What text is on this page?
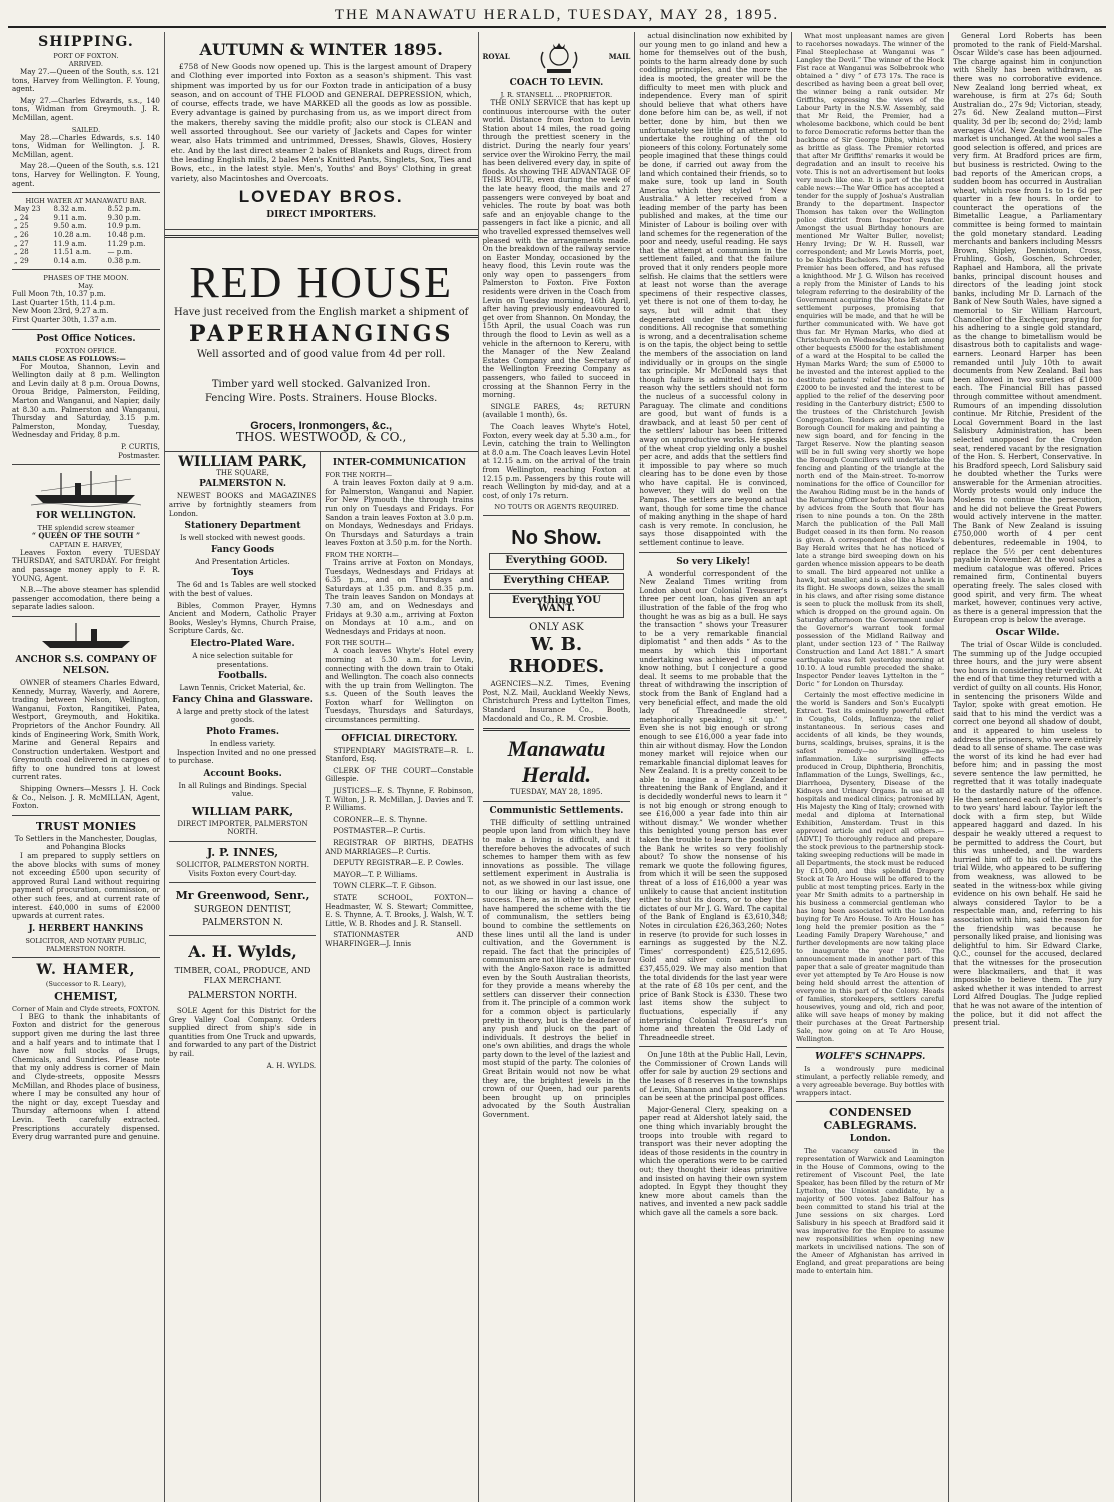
THE MANAWATU HERALD, TUESDAY, MAY 28, 1895.
SHIPPING.
PORT OF FOXTON.
ARRIVED.

May 27.—Queen of the South, s.s. 121 tons, Harvey from Wellington. F. Young, agent.

May 27.—Charles Edwards, s.s., 140 tons, Widman from Greymouth. J. R. McMillan, agent.

SAILED.

May 28.—Charles Edwards, s.s. 140 tons, Widman for Wellington. J. R. McMillan, agent.

May 28.—Queen of the South, s.s. 121 tons, Harvey for Wellington. F. Young, agent.

HIGH WATER AT MANAWATU BAR.
May 23	8.32 a.m.	8.52 p.m.
„ 24	9.11 a.m.	9.30 p.m.
„ 25	9.50 a.m.	10.9 p.m.
„ 26	10.28 a.m.	10.48 p.m.
„ 27	11.9 a.m.	11.29 p.m.
„ 28	11.51 a.m.	— p.m.
„ 29	0.14 a.m.	0.38 p.m.
PHASES OF THE MOON.
May.
Full Moon 7th, 10.37 p.m.
Last Quarter 15th, 11.4 p.m.
New Moon 23rd, 9.27 a.m.
First Quarter 30th, 1.37 a.m.
Post Office Notices.
FOXTON OFFICE.
MAILS CLOSE AS FOLLOWS:—

For Moutoa, Shannon, Levin and Wellington daily at 8 p.m. Wellington and Levin daily at 8 p.m. Oroua Downs, Oroua Bridge, Palmerston, Feilding, Marton and Wanganui, and Napier, daily at 8.30 a.m. Palmerston and Wanganui, Thursday and Saturday, 3.15 p.m. Palmerston, Monday, Tuesday, Wednesday and Friday, 8 p.m.

P. CURTIS,
Postmaster.
FOR WELLINGTON.
THE splendid screw steamer
“ QUEEN OF THE SOUTH ”
CAPTAIN E. HARVEY,

Leaves Foxton every TUESDAY THURSDAY, and SATURDAY. For freight and passage money apply to F. R. YOUNG, Agent.

N.B.—The above steamer has splendid passenger accomodation, there being a separate ladies saloon.

ANCHOR S.S. COMPANY OF NELSON.

OWNER of steamers Charles Edward, Kennedy, Murray, Waverly, and Aorere, trading between Nelson, Wellington, Wanganui, Foxton, Rangitikei, Patea, Westport, Greymouth, and Hokitika. Proprietors of the Anchor Foundry. All kinds of Engineering Work, Smith Work, Marine and General Repairs and Construction undertaken. Westport and Greymouth coal delivered in cargoes of fifty to one hundred tons at lowest current rates.

Shipping Owners—Messrs J. H. Cock & Co., Nelson. J. R. McMILLAN, Agent, Foxton.

TRUST MONIES
To Settlers in the Manchester, Douglas, and Pohangina Blocks

I am prepared to supply settlers on the above blocks with sums of money not exceeding £500 upon security of approved Rural Land without requiring payment of procuration, commission, or other such fees, and at current rate of interest. £40,000 in sums of £2000 upwards at current rates.

J. HERBERT HANKINS
SOLICITOR, AND NOTARY PUBLIC, PALMERSTON NORTH.
W. HAMER,
(Successor to R. Leary),
CHEMIST,
Corner of Main and Clyde streets, FOXTON.

I BEG to thank the inhabitants of Foxton and district for the generous support given me during the last three and a half years and to intimate that I have now full stocks of Drugs, Chemicals, and Sundries. Please note that my only address is corner of Main and Clyde-streets, opposite Messrs McMillan, and Rhodes place of business, where I may be consulted any hour of the night or day, except Tuesday and Thursday afternoons when I attend Levin. Teeth carefully extracted. Prescriptions accurately dispensed. Every drug warranted pure and genuine.

AUTUMN & WINTER 1895.

£758 of New Goods now opened up. This is the largest amount of Drapery and Clothing ever imported into Foxton as a season's shipment. This vast shipment was imported by us for our Foxton trade in anticipation of a busy season, and on account of THE FLOOD and GENERAL DEPRESSION, which, of course, effects trade, we have MARKED all the goods as low as possible. Every advantage is gained by purchasing from us, as we import direct from the makers, thereby saving the middle profit; also our stock is CLEAN and well assorted throughout. See our variety of Jackets and Capes for winter wear, also Hats trimmed and untrimmed, Dresses, Shawls, Gloves, Hosiery etc. And by the last direct steamer 2 bales of Blankets and Rugs, direct from the leading English mills, 2 bales Men's Knitted Pants, Singlets, Sox, Ties and Bows, etc., in the latest style. Men's, Youths' and Boys' Clothing in great variety, also Macintoshes and Overcoats.

LOVEDAY BROS.
DIRECT IMPORTERS.
RED HOUSE
Have just received from the English market a shipment of
PAPERHANGINGS
Well assorted and of good value from 4d per roll.
Timber yard well stocked. Galvanized Iron. Fencing Wire. Posts. Strainers. House Blocks.
Grocers, Ironmongers, &c.,
THOS. WESTWOOD, & CO.,
WILLIAM PARK,
THE SQUARE,
PALMERSTON N.

NEWEST BOOKS and MAGAZINES arrive by fortnightly steamers from London.

Stationery Department
Is well stocked with newest goods.
Fancy Goods
And Presentation Articles.
Toys

The 6d and 1s Tables are well stocked with the best of values.

Bibles, Common Prayer, Hymns Ancient and Modern, Catholic Prayer Books, Wesley's Hymns, Church Praise, Scripture Cards, &c.

Electro-Plated Ware.
A nice selection suitable for presentations.
Footballs.
Lawn Tennis, Cricket Material, &c.
Fancy China and Glassware.
A large and pretty stock of the latest goods.
Photo Frames.
In endless variety.

Inspection Invited and no one pressed to purchase.

Account Books.
In all Rulings and Bindings. Special value.
WILLIAM PARK,
DIRECT IMPORTER, PALMERSTON NORTH.
J. P. INNES,
SOLICITOR, PALMERSTON NORTH.
Visits Foxton every Court-day.
Mr Greenwood, Senr.,
SURGEON DENTIST,
PALMERSTON N.
A. H. Wylds,
TIMBER, COAL, PRODUCE, AND FLAX MERCHANT.
PALMERSTON NORTH.

SOLE Agent for this District for the Grey Valley Coal Company. Orders supplied direct from ship's side in quantities from One Truck and upwards, and forwarded to any part of the District by rail.

A. H. WYLDS.
INTER-COMMUNICATION
FOR THE NORTH—

A train leaves Foxton daily at 9 a.m. for Palmerston, Wanganui and Napier. For New Plymouth the through trains run only on Tuesdays and Fridays. For Sandon a train leaves Foxton at 3.0 p.m. on Mondays, Wednesdays and Fridays. On Thursdays and Saturdays a train leaves Foxton at 3.50 p.m. for the North.

FROM THE NORTH—

Trains arrive at Foxton on Mondays, Tuesdays, Wednesdays and Fridays at 6.35 p.m., and on Thursdays and Saturdays at 1.35 p.m. and 8.35 p.m. The train leaves Sandon on Mondays at 7.30 am, and on Wednesdays and Fridays at 9.30 a.m., arriving at Foxton on Mondays at 10 a.m., and on Wednesdays and Fridays at noon.

FOR THE SOUTH—

A coach leaves Whyte's Hotel every morning at 5.30 a.m. for Levin, connecting with the down train to Otaki and Wellington. The coach also connects with the up train from Wellington. The s.s. Queen of the South leaves the Foxton wharf for Wellington on Tuesdays, Thursdays and Saturdays, circumstances permitting.

OFFICIAL DIRECTORY.

STIPENDIARY MAGISTRATE—R. L. Stanford, Esq.

CLERK OF THE COURT—Constable Gillespie.

JUSTICES—E. S. Thynne, F. Robinson, T. Wilton, J. R. McMillan, J. Davies and T. P. Williams.

CORONER—E. S. Thynne.

POSTMASTER—P. Curtis.

REGISTRAR OF BIRTHS, DEATHS AND MARRIAGES—P. Curtis.

DEPUTY REGISTRAR—E. P. Cowles.

MAYOR—T. P. Williams.

TOWN CLERK—T. F. Gibson.

STATE SCHOOL, FOXTON—Headmaster, W. S. Stewart; Committee, E. S. Thynne, A. T. Brooks, J. Walsh, W. T. Little, W. B. Rhodes and J. R. Stansell.

STATIONMASTER AND WHARFINGER—J. Innis

ROYAL	MAIL
COACH TO LEVIN.
J. R. STANSELL ... PROPRIETOR.

THE ONLY SERVICE that has kept up continuous intercourse with the outer world. Distance from Foxton to Levin Station about 14 miles, the road going through the prettiest scenery in the district. During the nearly four years' service over the Wirokino Ferry, the mail has been delivered every day, in spite of floods. As showing THE ADVANTAGE OF THIS ROUTE, even during the week of the late heavy flood, the mails and 27 passengers were conveyed by boat and vehicles. The route by boat was both safe and an enjoyable change to the passengers in fact like a picnic, and all who travelled expressed themselves well pleased with the arrangements made. On the breakdown of the railway service on Easter Monday, occasioned by the heavy flood, this Levin route was the only way open to passengers from Palmerston to Foxton. Five Foxton residents were driven in the Coach from Levin on Tuesday morning, 16th April, after having previously endeavoured to get over from Shannon. On Monday, the 15th April, the usual Coach was run through the flood to Levin as well as a vehicle in the afternoon to Kereru, with the Manager of the New Zealand Estates Company and the Secretary of the Wellington Freezing Company as passengers, who failed to succeed in crossing at the Shannon Ferry in the morning.

SINGLE FARES, 4s; RETURN (available 1 month), 6s.

The Coach leaves Whyte's Hotel, Foxton, every week day at 5.30 a.m., for Levin, catching the train to Wellington at 8.0 a.m. The Coach leaves Levin Hotel at 12.15 a.m. on the arrival of the train from Wellington, reaching Foxton at 12.15 p.m. Passengers by this route will reach Wellington by mid-day, and at a cost, of only 17s return.

NO TOUTS OR AGENTS REQUIRED.
No Show.
Everything GOOD.
Everything CHEAP.
Everything YOU WANT.
ONLY ASK
W. B. RHODES.

AGENCIES—N.Z. Times, Evening Post, N.Z. Mail, Auckland Weekly News, Christchurch Press and Lyttelton Times, Standard Insurance Co., Booth, Macdonald and Co., R. M. Crosbie.

Manawatu Herald.
TUESDAY, MAY 28, 1895.
Communistic Settlements.

THE difficulty of settling untrained people upon land from which they have to make a living is difficult, and it therefore behoves the advocates of such schemes to hamper them with as few innovations as possible. The village settlement experiment in Australia is not, as we showed in our last issue, one to our liking or having a chance of success. There, as in other details, they have hampered the scheme with the tie of communalism, the settlers being bound to combine the settlements on these lines until all the land is under cultivation, and the Government is repaid. The fact that the principles of communism are not likely to be in favour with the Anglo-Saxon race is admitted even by the South Australian theorists, for they provide a means whereby the settlers can disserver their connection from it. The principle of a common work for a common object is particularly pretty in theory, but is the deadener of any push and pluck on the part of individuals. It destroys the belief in one's own abilities, and drags the whole party down to the level of the laziest and most stupid of the party. The colonies of Great Britain would not now be what they are, the brightest jewels in the crown of our Queen, had our parents been brought up on principles advocated by the South Australian Government.

actual disinclination now exhibited by our young men to go inland and hew a home for themselves out of the bush, points to the harm already done by such coddling principles, and the more the idea is mooted, the greater will be the difficulty to meet men with pluck and independence. Every man of spirit should believe that what others have done before him can be, as well, if not better, done by him, but then we unfortunately see little of an attempt to undertake the roughing of the old pioneers of this colony. Fortunately some people imagined that these things could be done, if carried out away from the land which contained their friends, so to make sure, took up land in South America which they styled “ New Australia.” A letter received from a leading member of the party has been published and makes, at the time our Minister of Labour is boiling over with land schemes for the regeneration of the poor and needy, useful reading. He says that the attempt at communism in the settlement failed, and that the failure proved that it only renders people more selfish. He claims that the settlers were at least not worse than the average specimens of their respective classes, yet there is not one of them to-day, he says, but will admit that they degenerated under the communistic conditions. All recognise that something is wrong, and a decentralisation scheme is on the tapis, the object being to settle the members of the association on land individually or in groups on the single tax principle. Mr McDonald says that though failure is admitted that is no reason why the settlers should not form the nucleus of a successful colony in Paraguay. The climate and conditions are good, but want of funds is a drawback, and at least 50 per cent of the settlers' labour has been frittered away on unproductive works. He speaks of the wheat crop yielding only a bushel per acre, and adds that the settlers find it impossible to pay where so much clearing has to be done even by those who have capital. He is convinced, however, they will do well on the Pampas. The settlers are beyond actual want, though for some time the chance of making anything in the shape of hard cash is very remote. In conclusion, he says those disappointed with the settlement continue to leave.

So very Likely!

A wonderful correspondent of the New Zealand Times writing from London about our Colonial Treasurer's three per cent loan, has given an apt illustration of the fable of the frog who thought he was as big as a bull. He says the transaction “ shows your Treasurer to be a very remarkable financial diplomatist ” and then adds “ As to the means by which this important undertaking was achieved I of course know nothing, but I conjecture a good deal. It seems to me probable that the threat of withdrawing the inscription of stock from the Bank of England had a very beneficial effect, and made the old lady of Threadneedle street, metaphorically speaking, ‘ sit up.’ ” Even she is not big enough or strong enough to see £16,000 a year fade into thin air without dismay. How the London money market will rejoice when our remarkable financial diplomat leaves for New Zealand. It is a pretty conceit to be able to imagine a New Zealander threatening the Bank of England, and it is decidedly wonderful news to learn it “ is not big enough or strong enough to see £16,000 a year fade into thin air without dismay.” We wonder whether this benighted young person has ever taken the trouble to learn the position of the Bank he writes so very foolishly about? To show the nonsense of his remark we quote the following figures, from which it will be seen the supposed threat of a loss of £16,000 a year was unlikely to cause that ancient institution either to shut its doors, or to obey the dictates of our Mr J. G. Ward. The capital of the Bank of England is £3,610,348; Notes in circulation £26,363,260; Notes in reserve (to provide for such losses in earnings as suggested by the N.Z. Times' correspondent) £25,512,695. Gold and silver coin and bullion £37,455,029. We may also mention that the total dividends for the last year were at the rate of £8 10s per cent, and the price of Bank Stock is £330. These two last items show the subject to fluctuations, especially if any interprising Colonial Treasurer's run home and threaten the Old Lady of Threadneedle street.

On June 18th at the Public Hall, Levin, the Commissioner of Crown Lands will offer for sale by auction 29 sections and the leases of 8 reserves in the townships of Levin, Shannon and Mangaore. Plans can be seen at the principal post offices.

Major-General Clery, speaking on a paper read at Aldershot lately said, the one thing which invariably brought the troops into trouble with regard to transport was their never adopting the ideas of those residents in the country in which the operations were to be carried out; they thought their ideas primitive and insisted on having their own system adopted. In Egypt they thought they knew more about camels than the natives, and invented a new pack saddle which gave all the camels a sore back.

What most unpleasant names are given to racehorses nowadays. The winner of the Final Steeplechase at Wanganui was “ Langley the Devil.” The winner of the Hock Fist race at Wanganui was Solbebrook who obtained a “ divy ” of £73 17s. The race is described as having been a great bell over, the winner being a rank outsider. Mr Griffiths, expressing the views of the Labour Party in the N.S.W. Assembly, said that Mr Reid, the Premier, had a wholesome backbone, which could be bent to force Democratic reforms better than the backbone of Sir George Dibbs, which was as brittle as glass. The Premier retorted that after Mr Griffiths' remarks it would be degradation and an insult to receive his vote. This is not an advertisement but looks very much like one. It is part of the latest cable news:—The War Office has accepted a tender for the supply of Joshua's Australian Brandy to the department. Inspector Thomson has taken over the Wellington police district from Inspector Pender. Amongst the usual Birthday honours are mentioned Mr Walter Buller, novelist; Henry Irving; Dr W. H. Russell, war correspondent; and Mr Lewis Morris, poet, to be Knights Bachelors. The Post says the Premier has been offered, and has refused a knighthood. Mr J. G. Wilson has received a reply from the Minister of Lands to his telegram referring to the desirability of the Government acquiring the Motoa Estate for settlement purposes, promising that enquiries will be made, and that he will be further communicated with. We have got thus far. Mr Hyman Marks, who died at Christchurch on Wednesday, has left among other bequests £5000 for the establishment of a ward at the Hospital to be called the Hyman Marks Ward; the sum of £5000 to be invested and the interest applied to the destitute patients' relief fund; the sum of £2000 to be invested and the interest to be applied to the relief of the deserving poor residing in the Canterbury district; £500 to the trustees of the Christchurch Jewish Congregation. Tenders are invited by the Borough Council for making and painting a new sign board, and for fencing in the Target Reserve. Now the planting season will be in full swing very shortly we hope the Borough Councillors will undertake the fencing and planting of the triangle at the north end of the Main-street. To-morrow nominations for the office of Councillor for the Awahou Riding must be in the hands of the Returning Officer before noon. We learn by advices from the South that flour has risen to nine pounds a ton. On the 28th March the publication of the Pall Mall Budget ceased in its then form. No reason is given. A correspondent of the Hawke's Bay Herald writes that he has noticed of late a strange bird sweeping down on his garden whence mission appears to be death to small. The bird appeared not unlike a hawk, but smaller, and is also like a hawk in its flight. He swoops down, seizes the small in his claws, and after rising some distance is seen to pluck the mollusk from its shell, which is dropped on the ground again. On Saturday afternoon the Government under the Governor's warrant took formal possession of the Midland Railway and plant, under section 123 of “ The Railway Construction and Land Act 1881.” A smart earthquake was felt yesterday morning at 10.10. A loud rumble preceded the shake. Inspector Pender leaves Lyttelton in the “ Doric ” for London on Thursday.

Certainly the most effective medicine in the world is Sanders and Son's Eucalypti Extract. Test its eminently powerful effect in Coughs, Colds, Influenza; the relief instantaneous. In serious cases and accidents of all kinds, be they wounds, burns, scaldings, bruises, sprains, it is the safest remedy—no swellings—no inflammation. Like surprising effects produced in Croup, Diphtheria, Bronchitis, Inflammation of the Lungs, Swellings, &c., Diarrhoea, Dysentery, Disease of the Kidneys and Urinary Organs. In use at all hospitals and medical clinics; patronised by His Majesty the King of Italy; crowned with medal and diploma at International Exhibition, Amsterdam. Trust in this approved article and reject all others.—[ADVT.] To thoroughly reduce and prepare the stock previous to the partnership stock-taking sweeping reductions will be made in all Departments, the stock must be reduced by £15,000, and this splendid Drapery Stock at Te Aro House will be offered to the public at most tempting prices. Early in the year Mr Smith admits to a partnership in his business a commercial gentleman who has long been associated with the London buying for Te Aro House. To Aro House has long held the premier position as the “ Leading Family Drapery Warehouse,” and further developments are now taking place to inaugurate the year 1895. The announcement made in another part of this paper that a sale of greater magnitude than ever yet attempted by Te Aro House is now being held should arrest the attention of everyone in this part of the Colony. Heads of families, storekeepers, settlers careful housewives, young and old, rich and poor, alike will save heaps of money by making their purchases at the Great Partnership Sale, now going on at Te Aro House, Wellington.

WOLFE'S SCHNAPPS.

Is a wondrously pure medicinal stimulant, a perfectly reliable remedy, and a very agreeable beverage. Buy bottles with wrappers intact.

CONDENSED CABLEGRAMS.
London.

The vacancy caused in the representation of Warwick and Leamington in the House of Commons, owing to the retirement of Viscount Peel, the late Speaker, has been filled by the return of Mr Lyttelton, the Unionist candidate, by a majority of 500 votes. Jabez Balfour has been committed to stand his trial at the June sessions on six charges. Lord Salisbury in his speech at Bradford said it was imperative for the Empire to assume new responsibilities when opening new markets in uncivilised nations. The son of the Ameer of Afghanistan has arrived in England, and great preparations are being made to entertain him.

General Lord Roberts has been promoted to the rank of Field-Marshal. Oscar Wilde's case has been adjourned. The charge against him in conjunction with Shelly has been withdrawn, as there was no corroborative evidence. New Zealand long berried wheat, ex warehouse, is firm at 27s 6d; South Australian do., 27s 9d; Victorian, steady, 27s 6d. New Zealand mutton—First quality, 3d per lb; second do; 2½d; lamb averages 4½d. New Zealand hemp—The market is unchanged. At the wool sales a good selection is offered, and prices are very firm. At Bradford prices are firm, but business is restricted. Owing to the bad reports of the American crops, a sudden boom has occurred in Australian wheat, which rose from 1s to 1s 6d per quarter in a few hours. In order to counteract the operations of the Bimetallic League, a Parliamentary committee is being formed to maintain the gold monetary standard. Leading merchants and bankers including Messrs Brown, Shipley, Dennistoun, Cross, Fruhling, Gosh, Goschen, Schroeder, Raphael and Hambora, all the private banks, principal discount houses and directors of the leading joint stock banks, including Mr D. Larnach of the Bank of New South Wales, have signed a memorial to Sir William Harcourt, Chancellor of the Exchequer, praying for his adhering to a single gold standard, as the change to bimetallism would be disastrous both to capitalists and wage-earners. Leonard Harper has been remanded until July 10th to await documents from New Zealand. Bail has been allowed in two sureties of £1000 each. The Financial Bill has passed through committee without amendment. Rumours of an impending dissolution continue. Mr Ritchie, President of the Local Government Board in the last Salisbury Administration, has been selected unopposed for the Croydon seat, rendered vacant by the resignation of the Hon. S. Herbert, Conservative. In his Bradford speech, Lord Salisbury said he doubted whether the Turks were answerable for the Armenian atrocities. Wordy protests would only induce the Moslems to continue the persecution, and he did not believe the Great Powers would actively intervene in the matter. The Bank of New Zealand is issuing £750,000 worth of 4 per cent debentures, redeemable in 1904, to replace the 5½ per cent debentures payable in November. At the wool sales a medium catalogue was offered. Prices remained firm, Continental buyers operating freely. The sales closed with good spirit, and very firm. The wheat market, however, continues very active, as there is a general impression that the European crop is below the average.

Oscar Wilde.

The trial of Oscar Wilde is concluded. The summing up of the Judge occupied three hours, and the jury were absent two hours in considering their verdict. At the end of that time they returned with a verdict of guilty on all counts. His Honor, in sentencing the prisoners Wilde and Taylor, spoke with great emotion. He said that to his mind the verdict was a correct one beyond all shadow of doubt, and it appeared to him useless to address the prisoners, who were entirely dead to all sense of shame. The case was the worst of its kind he had ever had before him; and in passing the most severe sentence the law permitted, he regretted that it was totally inadequate to the dastardly nature of the offence. He then sentenced each of the prisoner's to two years' hard labour. Taylor left the dock with a firm step, but Wilde appeared haggard and dazed. In his despair he weakly uttered a request to be permitted to address the Court, but this was unheeded, and the warders hurried him off to his cell. During the trial Wilde, who appeared to be suffering from weakness, was allowed to be seated in the witness-box while giving evidence on his own behalf. He said he always considered Taylor to be a respectable man, and, referring to his association with him, said the reason for the friendship was because he personally liked praise, and lionising was delightful to him. Sir Edward Clarke, Q.C., counsel for the accused, declared that the witnesses for the prosecution were blackmailers, and that it was impossible to believe them. The jury asked whether it was intended to arrest Lord Alfred Douglas. The Judge replied that he was not aware of the intention of the police, but it did not affect the present trial.
